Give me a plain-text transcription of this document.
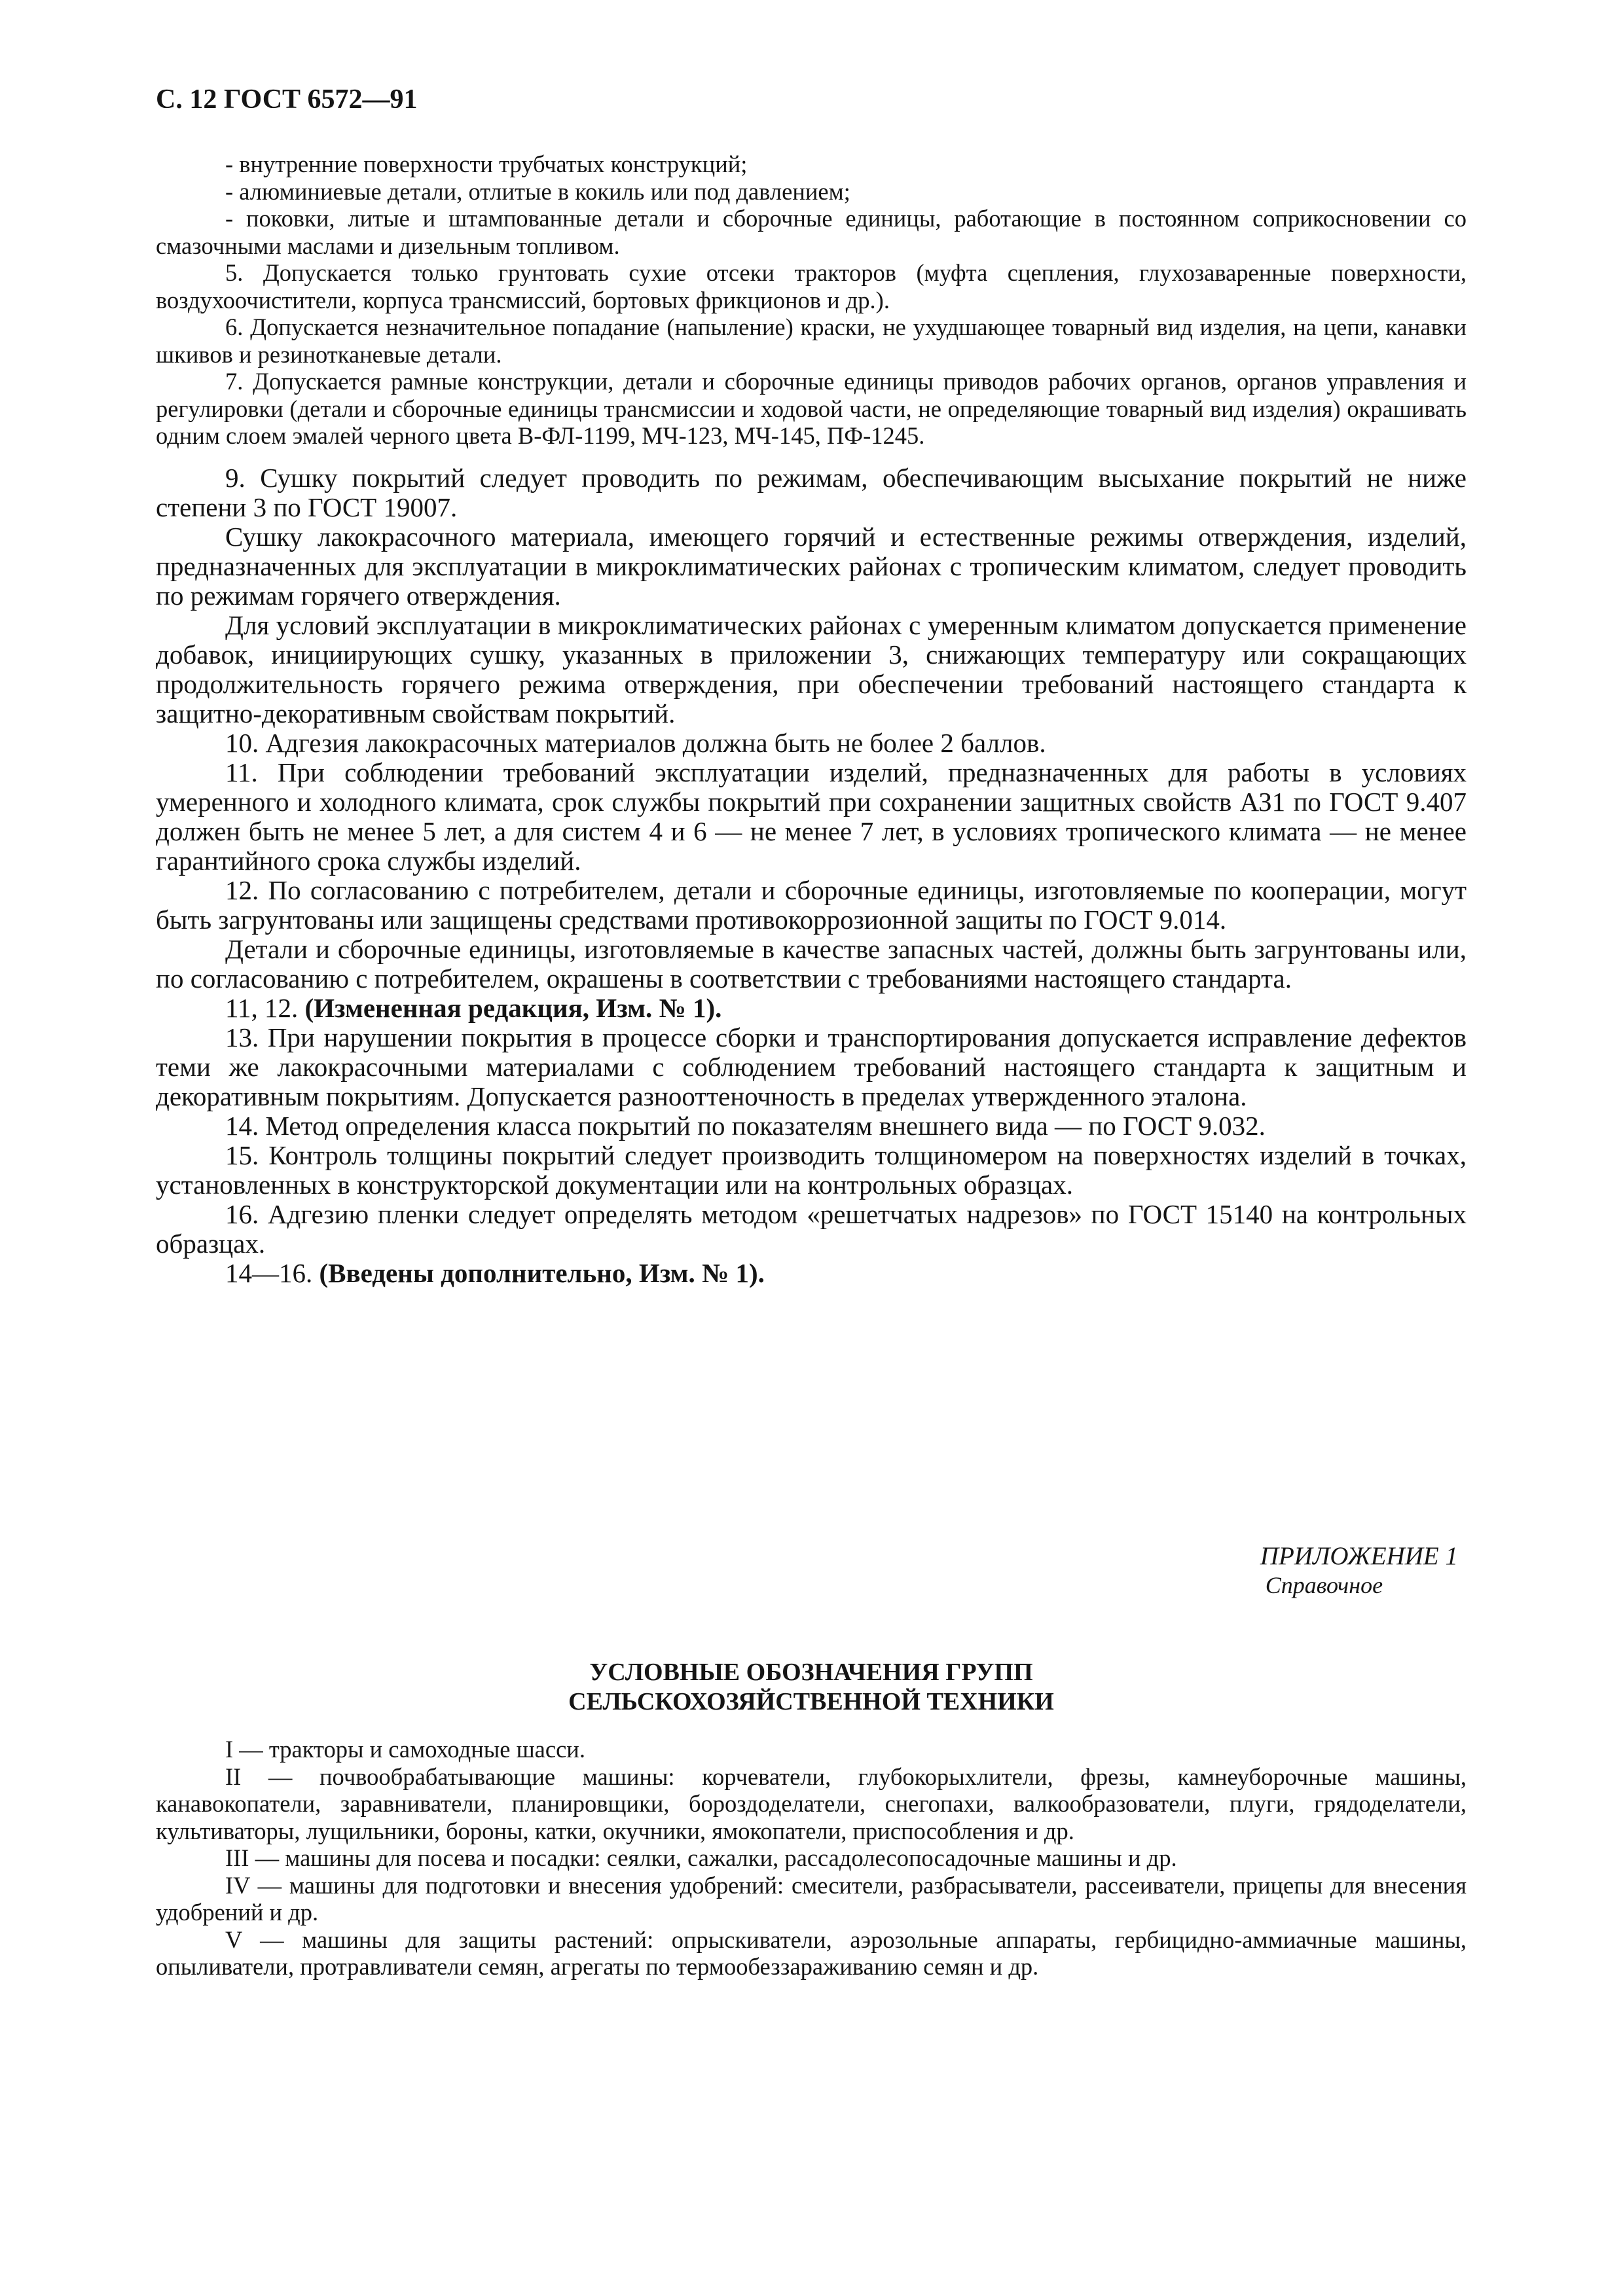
С. 12 ГОСТ 6572—91

- внутренние поверхности трубчатых конструкций;

- алюминиевые детали, отлитые в кокиль или под давлением;

- поковки, литые и штампованные детали и сборочные единицы, работающие в постоянном соприкосновении со смазочными маслами и дизельным топливом.

5. Допускается только грунтовать сухие отсеки тракторов (муфта сцепления, глухозаваренные поверхности, воздухоочистители, корпуса трансмиссий, бортовых фрикционов и др.).

6. Допускается незначительное попадание (напыление) краски, не ухудшающее товарный вид изделия, на цепи, канавки шкивов и резинотканевые детали.

7. Допускается рамные конструкции, детали и сборочные единицы приводов рабочих органов, органов управления и регулировки (детали и сборочные единицы трансмиссии и ходовой части, не определяющие товарный вид изделия) окрашивать одним слоем эмалей черного цвета В-ФЛ-1199, МЧ-123, МЧ-145, ПФ-1245.

9. Сушку покрытий следует проводить по режимам, обеспечивающим высыхание покрытий не ниже степени 3 по ГОСТ 19007.

Сушку лакокрасочного материала, имеющего горячий и естественные режимы отверждения, изделий, предназначенных для эксплуатации в микроклиматических районах с тропическим климатом, следует проводить по режимам горячего отверждения.

Для условий эксплуатации в микроклиматических районах с умеренным климатом допускается применение добавок, инициирующих сушку, указанных в приложении 3, снижающих температуру или сокращающих продолжительность горячего режима отверждения, при обеспечении требований настоящего стандарта к защитно-декоративным свойствам покрытий.

10. Адгезия лакокрасочных материалов должна быть не более 2 баллов.

11. При соблюдении требований эксплуатации изделий, предназначенных для работы в условиях умеренного и холодного климата, срок службы покрытий при сохранении защитных свойств АЗ1 по ГОСТ 9.407 должен быть не менее 5 лет, а для систем 4 и 6 — не менее 7 лет, в условиях тропического климата — не менее гарантийного срока службы изделий.

12. По согласованию с потребителем, детали и сборочные единицы, изготовляемые по кооперации, могут быть загрунтованы или защищены средствами противокоррозионной защиты по ГОСТ 9.014.

Детали и сборочные единицы, изготовляемые в качестве запасных частей, должны быть загрунтованы или, по согласованию с потребителем, окрашены в соответствии с требованиями настоящего стандарта.

11, 12. (Измененная редакция, Изм. № 1).

13. При нарушении покрытия в процессе сборки и транспортирования допускается исправление дефектов теми же лакокрасочными материалами с соблюдением требований настоящего стандарта к защитным и декоративным покрытиям. Допускается разнооттеночность в пределах утвержденного эталона.

14. Метод определения класса покрытий по показателям внешнего вида — по ГОСТ 9.032.

15. Контроль толщины покрытий следует производить толщиномером на поверхностях изделий в точках, установленных в конструкторской документации или на контрольных образцах.

16. Адгезию пленки следует определять методом «решетчатых надрезов» по ГОСТ 15140 на контрольных образцах.

14—16. (Введены дополнительно, Изм. № 1).

ПРИЛОЖЕНИЕ 1
Справочное
УСЛОВНЫЕ ОБОЗНАЧЕНИЯ ГРУПП
СЕЛЬСКОХОЗЯЙСТВЕННОЙ ТЕХНИКИ

I — тракторы и самоходные шасси.

II — почвообрабатывающие машины: корчеватели, глубокорыхлители, фрезы, камнеуборочные машины, канавокопатели, заравниватели, планировщики, бороздоделатели, снегопахи, валкообразователи, плуги, грядоделатели, культиваторы, лущильники, бороны, катки, окучники, ямокопатели, приспособления и др.

III — машины для посева и посадки: сеялки, сажалки, рассадолесопосадочные машины и др.

IV — машины для подготовки и внесения удобрений: смесители, разбрасыватели, рассеиватели, прицепы для внесения удобрений и др.

V — машины для защиты растений: опрыскиватели, аэрозольные аппараты, гербицидно-аммиачные машины, опыливатели, протравливатели семян, агрегаты по термообеззараживанию семян и др.
